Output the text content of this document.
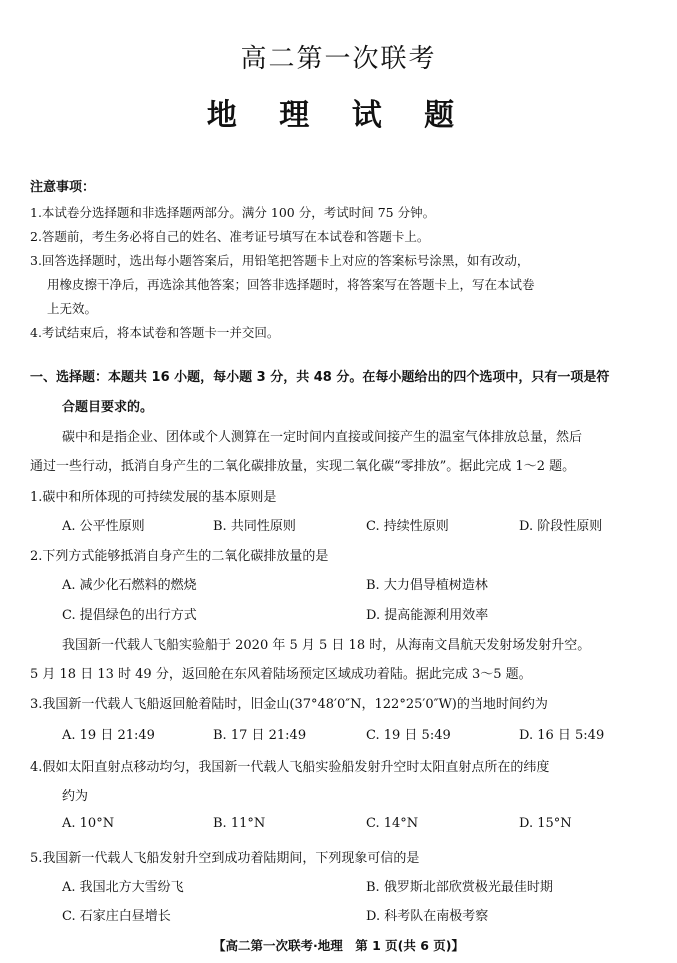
高二第一次联考
地 理 试 题
注意事项：
1.本试卷分选择题和非选择题两部分。满分 100 分，考试时间 75 分钟。
2.答题前，考生务必将自己的姓名、准考证号填写在本试卷和答题卡上。
3.回答选择题时，选出每小题答案后，用铅笔把答题卡上对应的答案标号涂黑，如有改动，
用橡皮擦干净后，再选涂其他答案；回答非选择题时，将答案写在答题卡上，写在本试卷
上无效。
4.考试结束后，将本试卷和答题卡一并交回。
一、选择题：本题共 16 小题，每小题 3 分，共 48 分。在每小题给出的四个选项中，只有一项是符
合题目要求的。
碳中和是指企业、团体或个人测算在一定时间内直接或间接产生的温室气体排放总量，然后
通过一些行动，抵消自身产生的二氧化碳排放量，实现二氧化碳“零排放”。据此完成 1～2 题。
1.碳中和所体现的可持续发展的基本原则是
A. 公平性原则	B. 共同性原则	C. 持续性原则	D. 阶段性原则
2.下列方式能够抵消自身产生的二氧化碳排放量的是
A. 减少化石燃料的燃烧	B. 大力倡导植树造林
C. 提倡绿色的出行方式	D. 提高能源利用效率
我国新一代载人飞船实验船于 2020 年 5 月 5 日 18 时，从海南文昌航天发射场发射升空。
5 月 18 日 13 时 49 分，返回舱在东风着陆场预定区域成功着陆。据此完成 3～5 题。
3.我国新一代载人飞船返回舱着陆时，旧金山(37°48′0″N，122°25′0″W)的当地时间约为
A. 19 日 21:49	B. 17 日 21:49	C. 19 日 5:49	D. 16 日 5:49
4.假如太阳直射点移动均匀，我国新一代载人飞船实验船发射升空时太阳直射点所在的纬度
约为
A. 10°N	B. 11°N	C. 14°N	D. 15°N
5.我国新一代载人飞船发射升空到成功着陆期间，下列现象可信的是
A. 我国北方大雪纷飞	B. 俄罗斯北部欣赏极光最佳时期
C. 石家庄白昼增长	D. 科考队在南极考察
【高二第一次联考·地理　第 1 页(共 6 页)】
